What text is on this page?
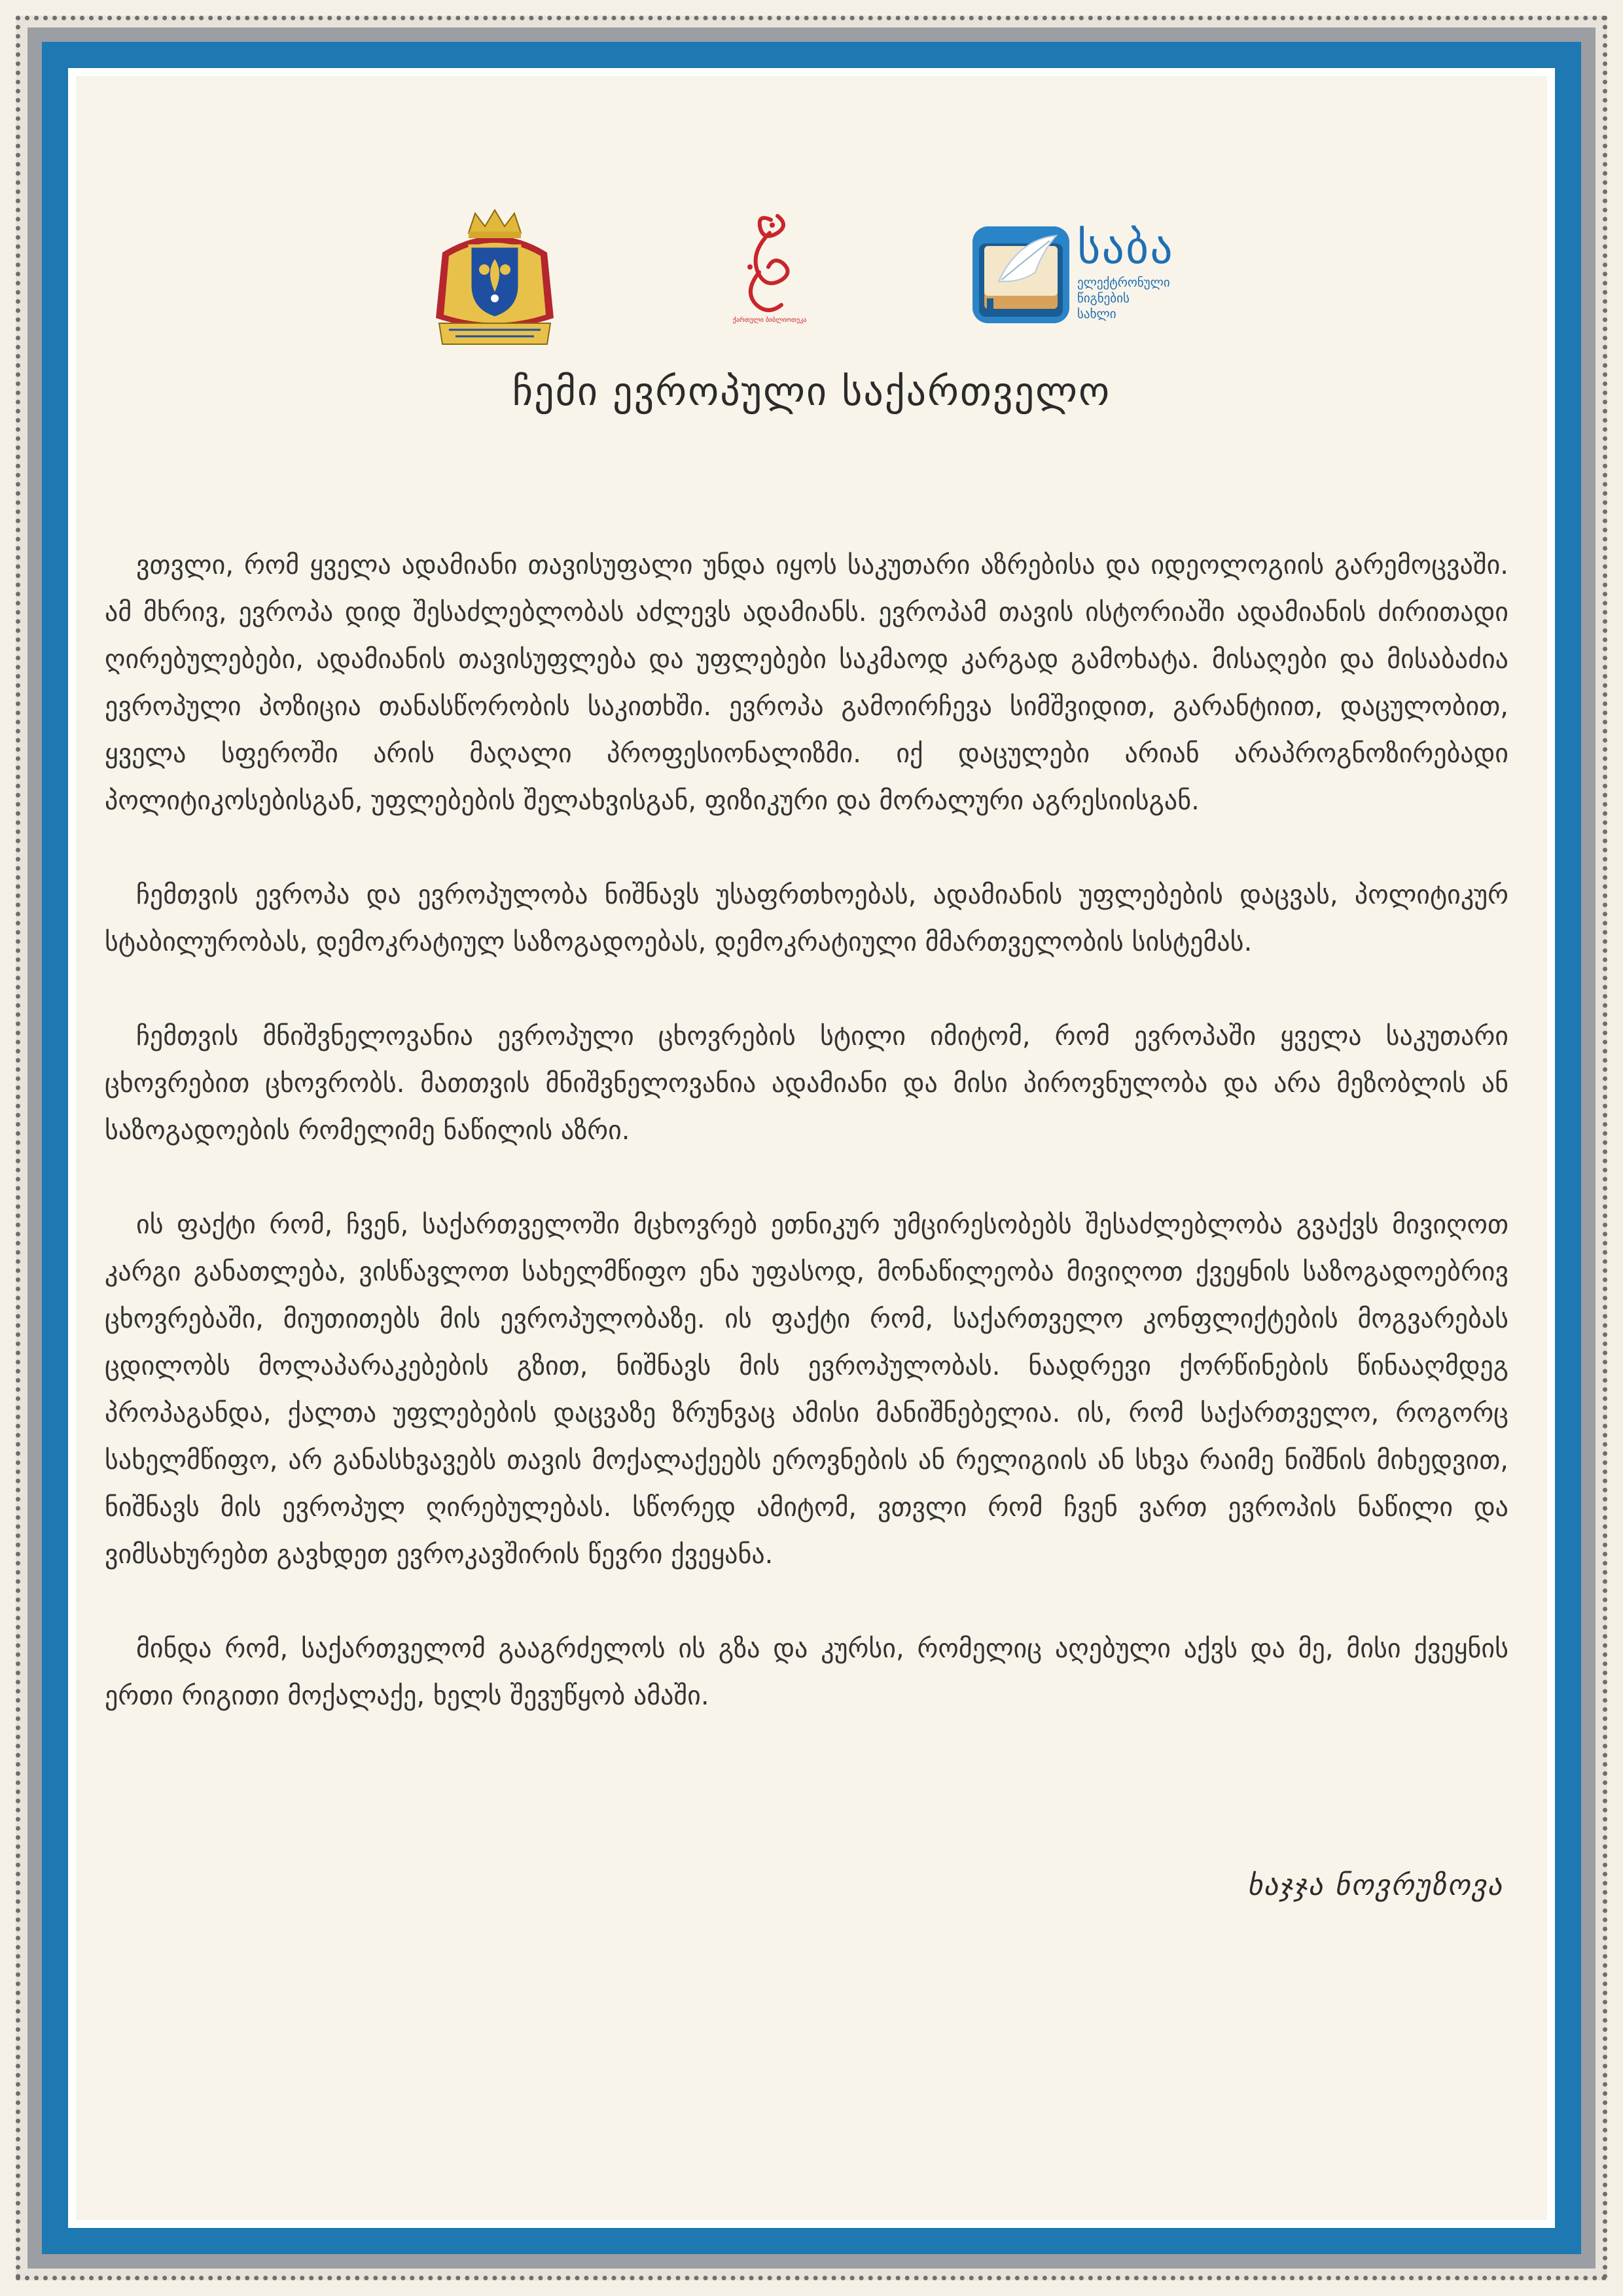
ქართული ბიბლიოთეკა
საბა
ელექტრონული
წიგნების
სახლი
ჩემი ევროპული საქართველო

ვთვლი, რომ ყველა ადამიანი თავისუფალი უნდა იყოს საკუთარი აზრებისა და იდეოლოგიის გარემოცვაში. ამ მხრივ, ევროპა დიდ შესაძლებლობას აძლევს ადამიანს. ევროპამ თავის ისტორიაში ადამიანის ძირითადი ღირებულებები, ადამიანის თავისუფლება და უფლებები საკმაოდ კარგად გამოხატა. მისაღები და მისაბაძია ევროპული პოზიცია თანასწორობის საკითხში. ევროპა გამოირჩევა სიმშვიდით, გარანტიით, დაცულობით, ყველა სფეროში არის მაღალი პროფესიონალიზმი. იქ დაცულები არიან არაპროგნოზირებადი პოლიტიკოსებისგან, უფლებების შელახვისგან, ფიზიკური და მორალური აგრესიისგან.

ჩემთვის ევროპა და ევროპულობა ნიშნავს უსაფრთხოებას, ადამიანის უფლებების დაცვას, პოლიტიკურ სტაბილურობას, დემოკრატიულ საზოგადოებას, დემოკრატიული მმართველობის სისტემას.

ჩემთვის მნიშვნელოვანია ევროპული ცხოვრების სტილი იმიტომ, რომ ევროპაში ყველა საკუთარი ცხოვრებით ცხოვრობს. მათთვის მნიშვნელოვანია ადამიანი და მისი პიროვნულობა და არა მეზობლის ან საზოგადოების რომელიმე ნაწილის აზრი.

ის ფაქტი რომ, ჩვენ, საქართველოში მცხოვრებ ეთნიკურ უმცირესობებს შესაძლებლობა გვაქვს მივიღოთ კარგი განათლება, ვისწავლოთ სახელმწიფო ენა უფასოდ, მონაწილეობა მივიღოთ ქვეყნის საზოგადოებრივ ცხოვრებაში, მიუთითებს მის ევროპულობაზე. ის ფაქტი რომ, საქართველო კონფლიქტების მოგვარებას ცდილობს მოლაპარაკებების გზით, ნიშნავს მის ევროპულობას. ნაადრევი ქორწინების წინააღმდეგ პროპაგანდა, ქალთა უფლებების დაცვაზე ზრუნვაც ამისი მანიშნებელია. ის, რომ საქართველო, როგორც სახელმწიფო, არ განასხვავებს თავის მოქალაქეებს ეროვნების ან რელიგიის ან სხვა რაიმე ნიშნის მიხედვით, ნიშნავს მის ევროპულ ღირებულებას. სწორედ ამიტომ, ვთვლი რომ ჩვენ ვართ ევროპის ნაწილი და ვიმსახურებთ გავხდეთ ევროკავშირის წევრი ქვეყანა.

მინდა რომ, საქართველომ გააგრძელოს ის გზა და კურსი, რომელიც აღებული აქვს და მე, მისი ქვეყნის ერთი რიგითი მოქალაქე, ხელს შევუწყობ ამაში.

ხაჯჯა ნოვრუზოვა
